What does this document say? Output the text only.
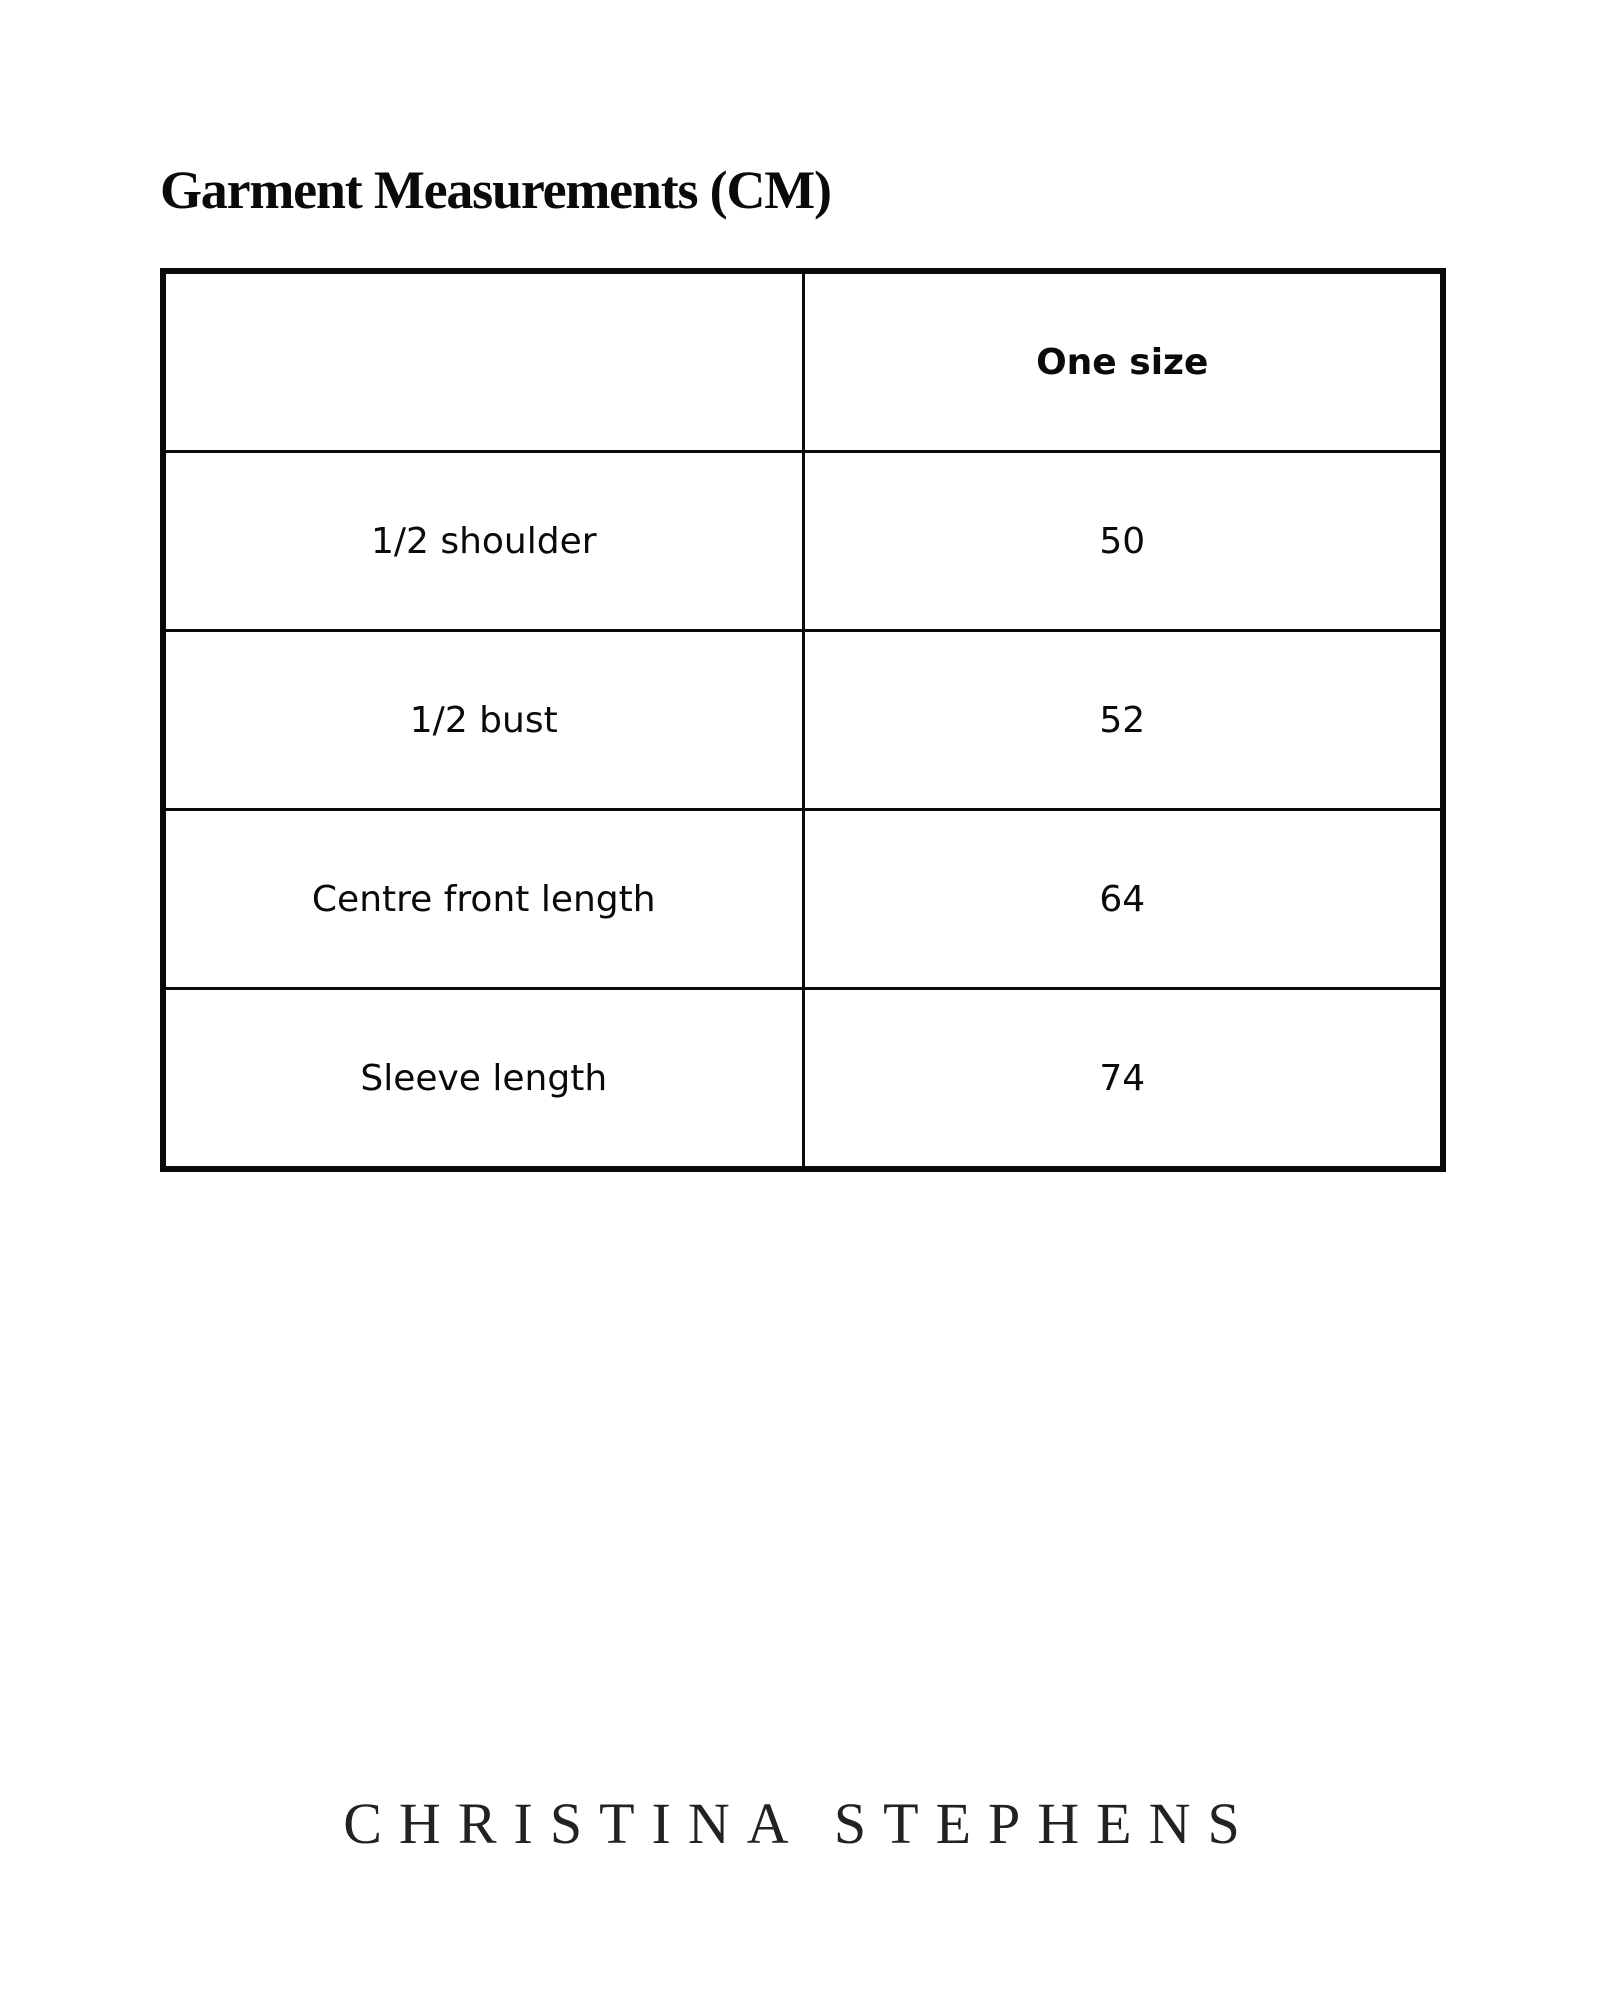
Garment Measurements (CM)
	One size
1/2 shoulder	50
1/2 bust	52
Centre front length	64
Sleeve length	74
CHRISTINA STEPHENS
